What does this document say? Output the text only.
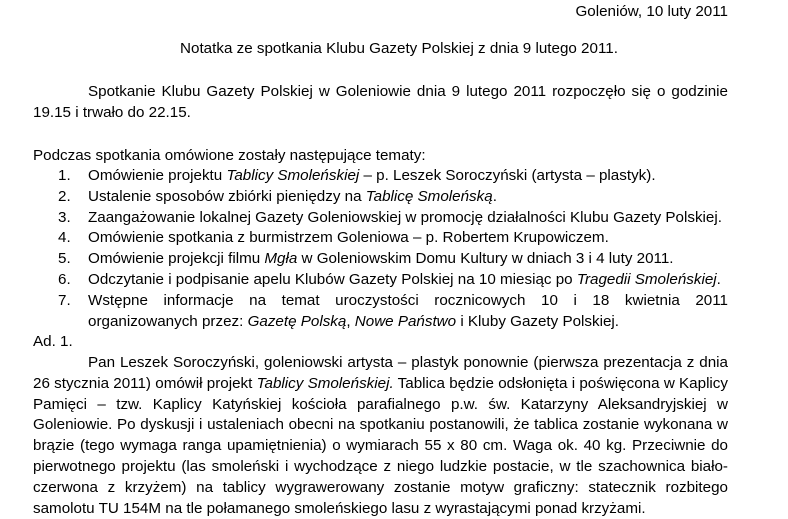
Goleniów, 10 luty 2011
Notatka ze spotkania Klubu Gazety Polskiej z dnia 9 lutego 2011.

Spotkanie Klubu Gazety Polskiej w Goleniowie dnia 9 lutego 2011 rozpoczęło się o godzinie 19.15 i trwało do 22.15.

Podczas spotkania omówione zostały następujące tematy:

1. Omówienie projektu Tablicy Smoleńskiej – p. Leszek Soroczyński (artysta – plastyk).
2. Ustalenie sposobów zbiórki pieniędzy na Tablicę Smoleńską.
3. Zaangażowanie lokalnej Gazety Goleniowskiej w promocję działalności Klubu Gazety Polskiej.
4. Omówienie spotkania z burmistrzem Goleniowa – p. Robertem Krupowiczem.
5. Omówienie projekcji filmu Mgła w Goleniowskim Domu Kultury w dniach 3 i 4 luty 2011.
6. Odczytanie i podpisanie apelu Klubów Gazety Polskiej na 10 miesiąc po Tragedii Smoleńskiej.
7. Wstępne informacje na temat uroczystości rocznicowych 10 i 18 kwietnia 2011 organizowanych przez: Gazetę Polską, Nowe Państwo i Kluby Gazety Polskiej.

Ad. 1.

Pan Leszek Soroczyński, goleniowski artysta – plastyk ponownie (pierwsza prezentacja z dnia 26 stycznia 2011) omówił projekt Tablicy Smoleńskiej. Tablica będzie odsłonięta i poświęcona w Kaplicy Pamięci – tzw. Kaplicy Katyńskiej kościoła parafialnego p.w. św. Katarzyny Aleksandryjskiej w Goleniowie. Po dyskusji i ustaleniach obecni na spotkaniu postanowili, że tablica zostanie wykonana w brązie (tego wymaga ranga upamiętnienia) o wymiarach 55 x 80 cm. Waga ok. 40 kg. Przeciwnie do pierwotnego projektu (las smoleński i wychodzące z niego ludzkie postacie, w tle szachownica biało-czerwona z krzyżem) na tablicy wygrawerowany zostanie motyw graficzny: statecznik rozbitego samolotu TU 154M na tle połamanego smoleńskiego lasu z wyrastającymi ponad krzyżami.
